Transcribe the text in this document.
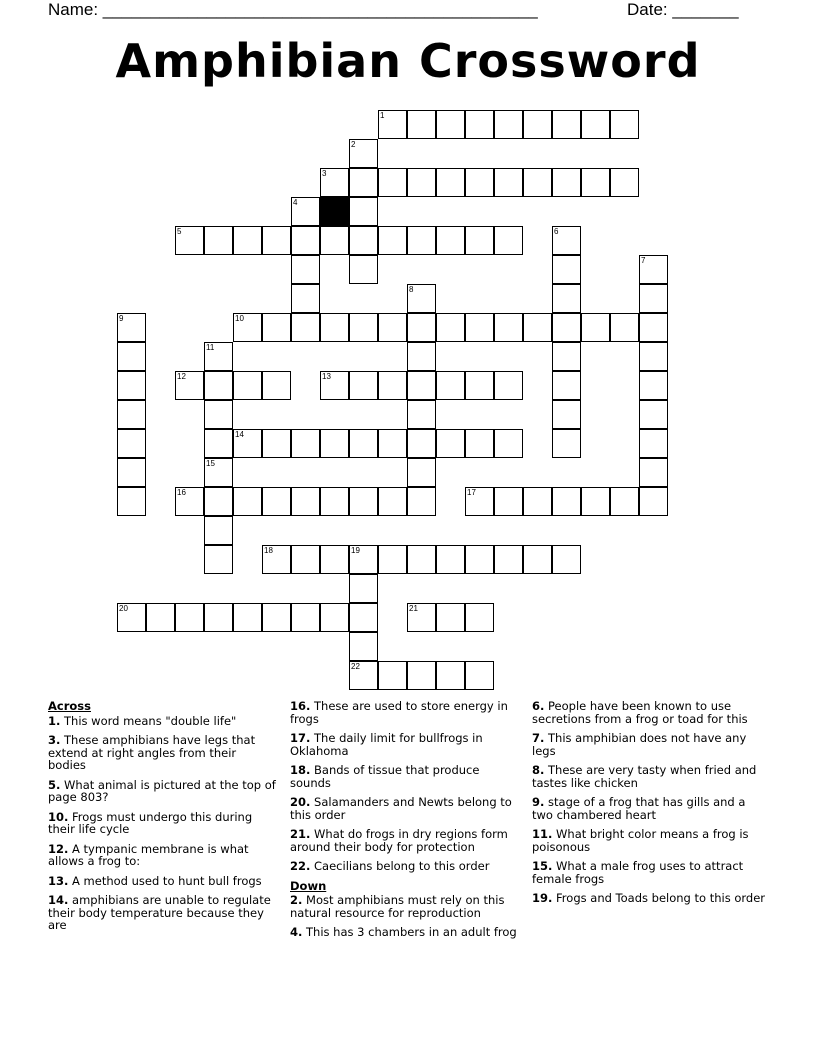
Name: ______________________________________________	Date: _______
Amphibian Crossword
1
2
3
4
5	6
7
8
9	10
11
12	13
14
15
16	17
18	19
20	21
22
Across
1. This word means "double life"
3. These amphibians have legs that extend at right angles from their bodies
5. What animal is pictured at the top of page 803?
10. Frogs must undergo this during their life cycle
12. A tympanic membrane is what allows a frog to:
13. A method used to hunt bull frogs
14. amphibians are unable to regulate their body temperature because they are
16. These are used to store energy in frogs
17. The daily limit for bullfrogs in Oklahoma
18. Bands of tissue that produce sounds
20. Salamanders and Newts belong to this order
21. What do frogs in dry regions form around their body for protection
22. Caecilians belong to this order
Down
2. Most amphibians must rely on this natural resource for reproduction
4. This has 3 chambers in an adult frog
6. People have been known to use secretions from a frog or toad for this
7. This amphibian does not have any legs
8. These are very tasty when fried and tastes like chicken
9. stage of a frog that has gills and a two chambered heart
11. What bright color means a frog is poisonous
15. What a male frog uses to attract female frogs
19. Frogs and Toads belong to this order
